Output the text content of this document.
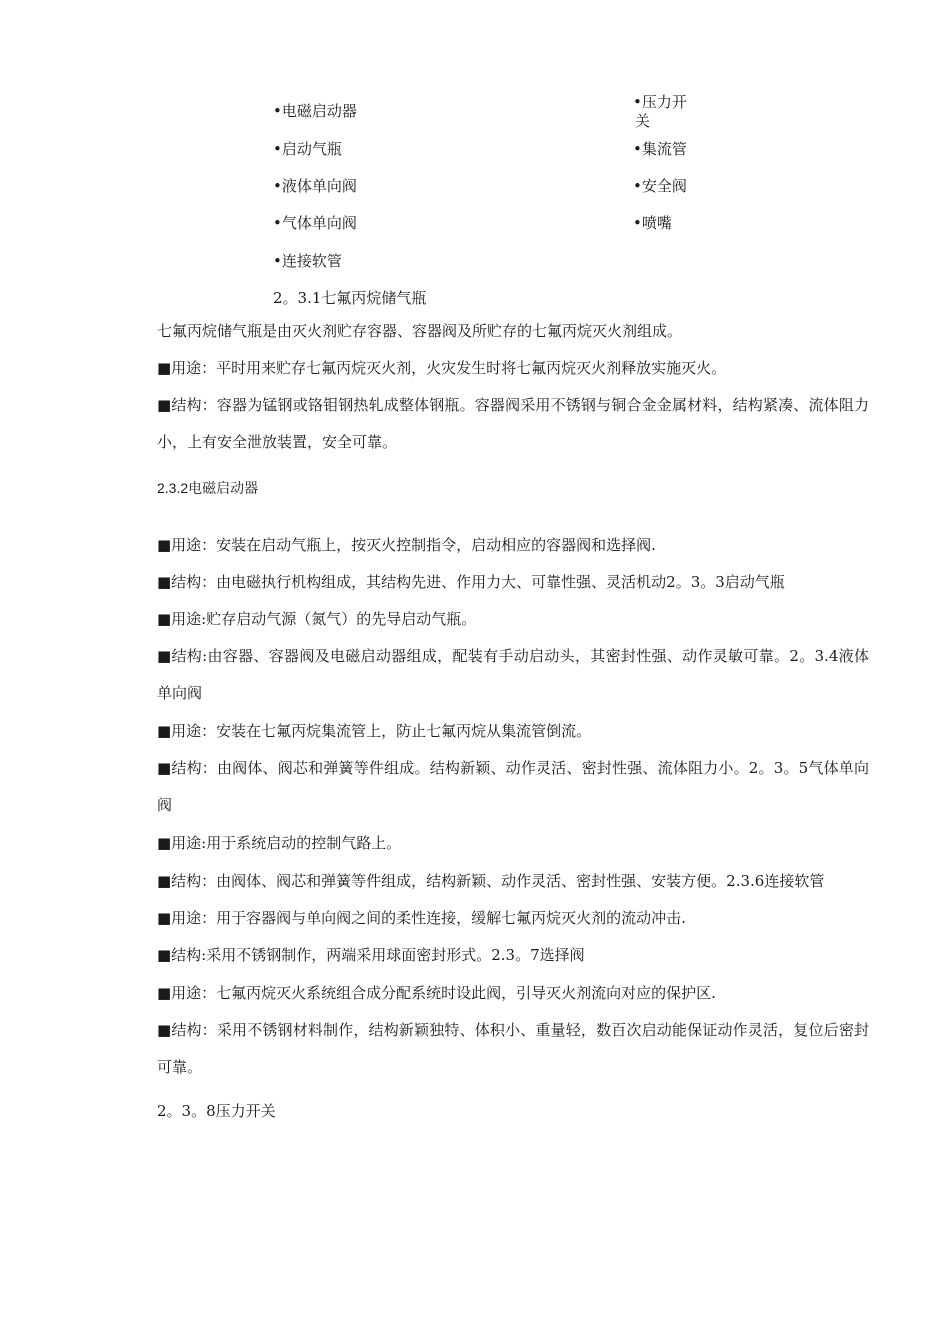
•电磁启动器
•启动气瓶
•液体单向阀
•气体单向阀
•连接软管
•压力开
关
•集流管
•安全阀
•喷嘴
2。3.1七氟丙烷储气瓶
七氟丙烷储气瓶是由灭火剂贮存容器、容器阀及所贮存的七氟丙烷灭火剂组成。
■用途：平时用来贮存七氟丙烷灭火剂，火灾发生时将七氟丙烷灭火剂释放实施灭火。
■结构：容器为锰钢或铬钼钢热轧成整体钢瓶。容器阀采用不锈钢与铜合金金属材料，结构紧凑、流体阻力小，上有安全泄放装置，安全可靠。
2.3.2电磁启动器
■用途：安装在启动气瓶上，按灭火控制指令，启动相应的容器阀和选择阀.
■结构：由电磁执行机构组成，其结构先进、作用力大、可靠性强、灵活机动2。3。3启动气瓶
■用途:贮存启动气源（氮气）的先导启动气瓶。
■结构:由容器、容器阀及电磁启动器组成，配装有手动启动头，其密封性强、动作灵敏可靠。2。3.4液体单向阀
■用途：安装在七氟丙烷集流管上，防止七氟丙烷从集流管倒流。
■结构：由阀体、阀芯和弹簧等件组成。结构新颖、动作灵活、密封性强、流体阻力小。2。3。5气体单向阀
■用途:用于系统启动的控制气路上。
■结构：由阀体、阀芯和弹簧等件组成，结构新颖、动作灵活、密封性强、安装方便。2.3.6连接软管
■用途：用于容器阀与单向阀之间的柔性连接，缓解七氟丙烷灭火剂的流动冲击.
■结构:采用不锈钢制作，两端采用球面密封形式。2.3。7选择阀
■用途：七氟丙烷灭火系统组合成分配系统时设此阀，引导灭火剂流向对应的保护区.
■结构：采用不锈钢材料制作，结构新颖独特、体积小、重量轻，数百次启动能保证动作灵活，复位后密封可靠。
2。3。8压力开关
